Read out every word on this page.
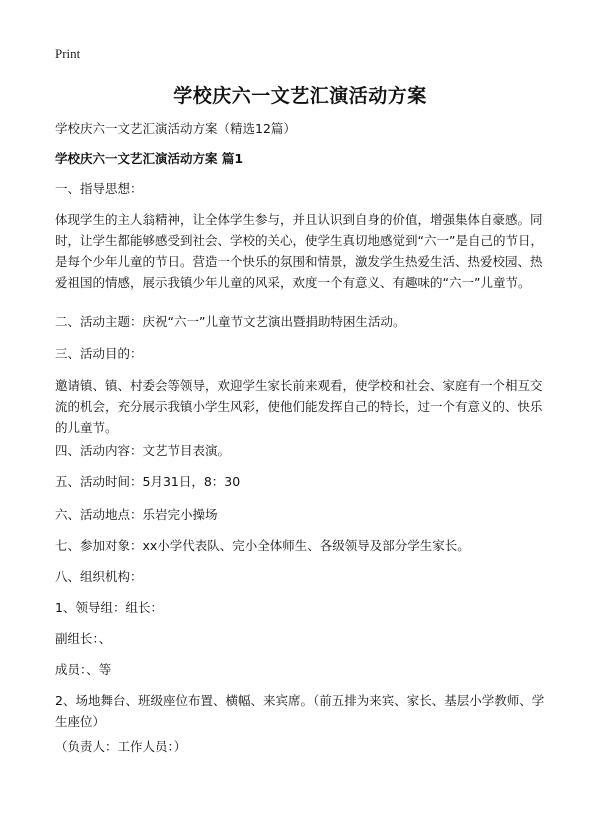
Print
学校庆六一文艺汇演活动方案

学校庆六一文艺汇演活动方案（精选12篇）

学校庆六一文艺汇演活动方案 篇1

一、指导思想：

体现学生的主人翁精神，让全体学生参与，并且认识到自身的价值，增强集体自豪感。同时，让学生都能够感受到社会、学校的关心，使学生真切地感觉到“六一”是自己的节日，是每个少年儿童的节日。营造一个快乐的氛围和情景，激发学生热爱生活、热爱校园、热爱祖国的情感，展示我镇少年儿童的风采，欢度一个有意义、有趣味的“六一”儿童节。

二、活动主题：庆祝“六一”儿童节文艺演出暨捐助特困生活动。

三、活动目的：

邀请镇、镇、村委会等领导，欢迎学生家长前来观看，使学校和社会、家庭有一个相互交流的机会，充分展示我镇小学生风彩，使他们能发挥自己的特长，过一个有意义的、快乐的儿童节。

四、活动内容：文艺节目表演。

五、活动时间：5月31日，8：30

六、活动地点：乐岩完小操场

七、参加对象：xx小学代表队、完小全体师生、各级领导及部分学生家长。

八、组织机构：

1、领导组：组长：

副组长：、

成员：、等

2、场地舞台、班级座位布置、横幅、来宾席。（前五排为来宾、家长、基层小学教师、学生座位）

（负责人：工作人员：）
